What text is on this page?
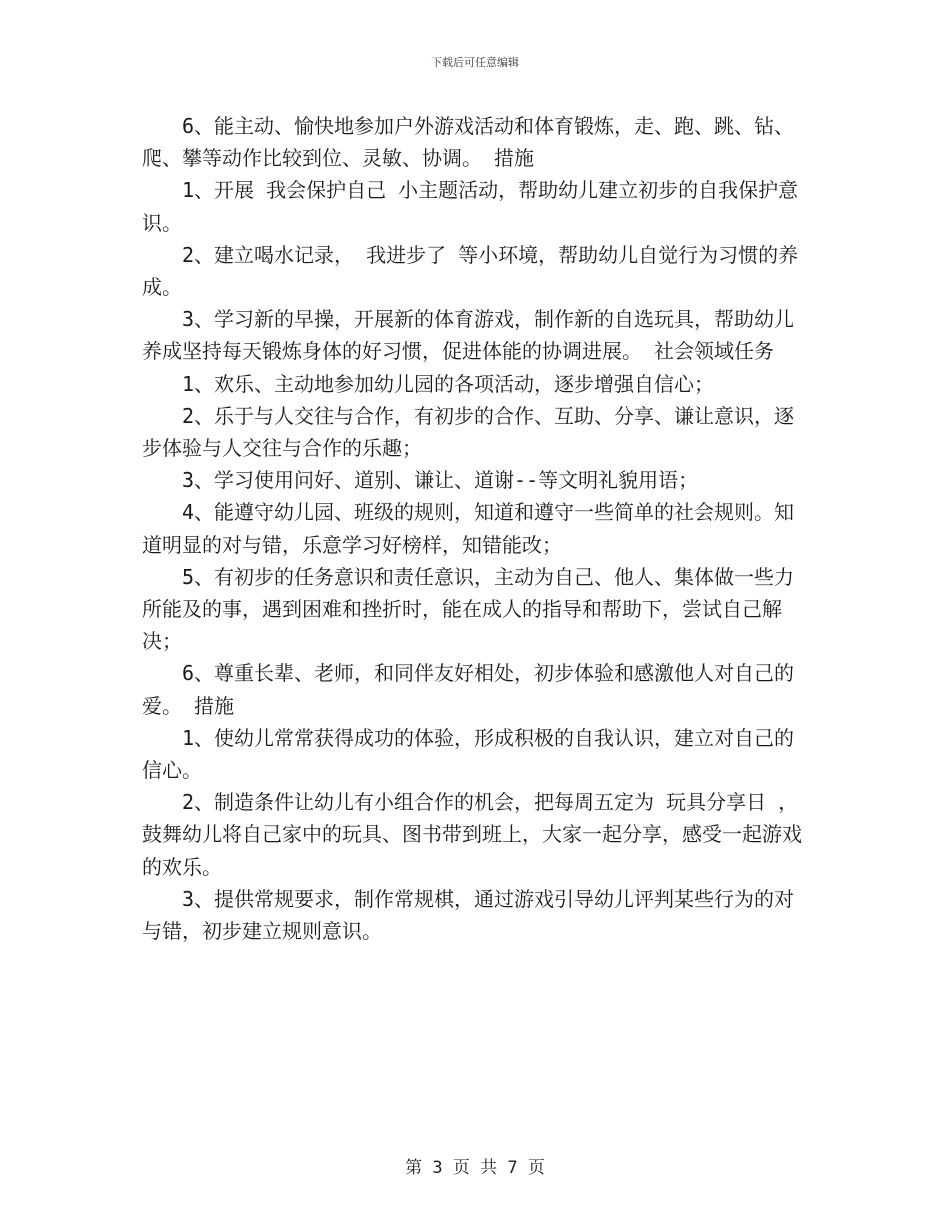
下载后可任意编辑

6、能主动、愉快地参加户外游戏活动和体育锻炼，走、跑、跳、钻、爬、攀等动作比较到位、灵敏、协调。 措施

1、开展 我会保护自己 小主题活动，帮助幼儿建立初步的自我保护意识。

2、建立喝水记录， 我进步了 等小环境，帮助幼儿自觉行为习惯的养成。

3、学习新的早操，开展新的体育游戏，制作新的自选玩具，帮助幼儿养成坚持每天锻炼身体的好习惯，促进体能的协调进展。 社会领域任务

1、欢乐、主动地参加幼儿园的各项活动，逐步增强自信心；

2、乐于与人交往与合作，有初步的合作、互助、分享、谦让意识，逐步体验与人交往与合作的乐趣；

3、学习使用问好、道别、谦让、道谢--等文明礼貌用语；

4、能遵守幼儿园、班级的规则，知道和遵守一些简单的社会规则。知道明显的对与错，乐意学习好榜样，知错能改；

5、有初步的任务意识和责任意识，主动为自己、他人、集体做一些力所能及的事，遇到困难和挫折时，能在成人的指导和帮助下，尝试自己解决；

6、尊重长辈、老师，和同伴友好相处，初步体验和感激他人对自己的爱。 措施

1、使幼儿常常获得成功的体验，形成积极的自我认识，建立对自己的信心。

2、制造条件让幼儿有小组合作的机会，把每周五定为 玩具分享日 ，鼓舞幼儿将自己家中的玩具、图书带到班上，大家一起分享，感受一起游戏的欢乐。

3、提供常规要求，制作常规棋，通过游戏引导幼儿评判某些行为的对与错，初步建立规则意识。

第 3 页 共 7 页
